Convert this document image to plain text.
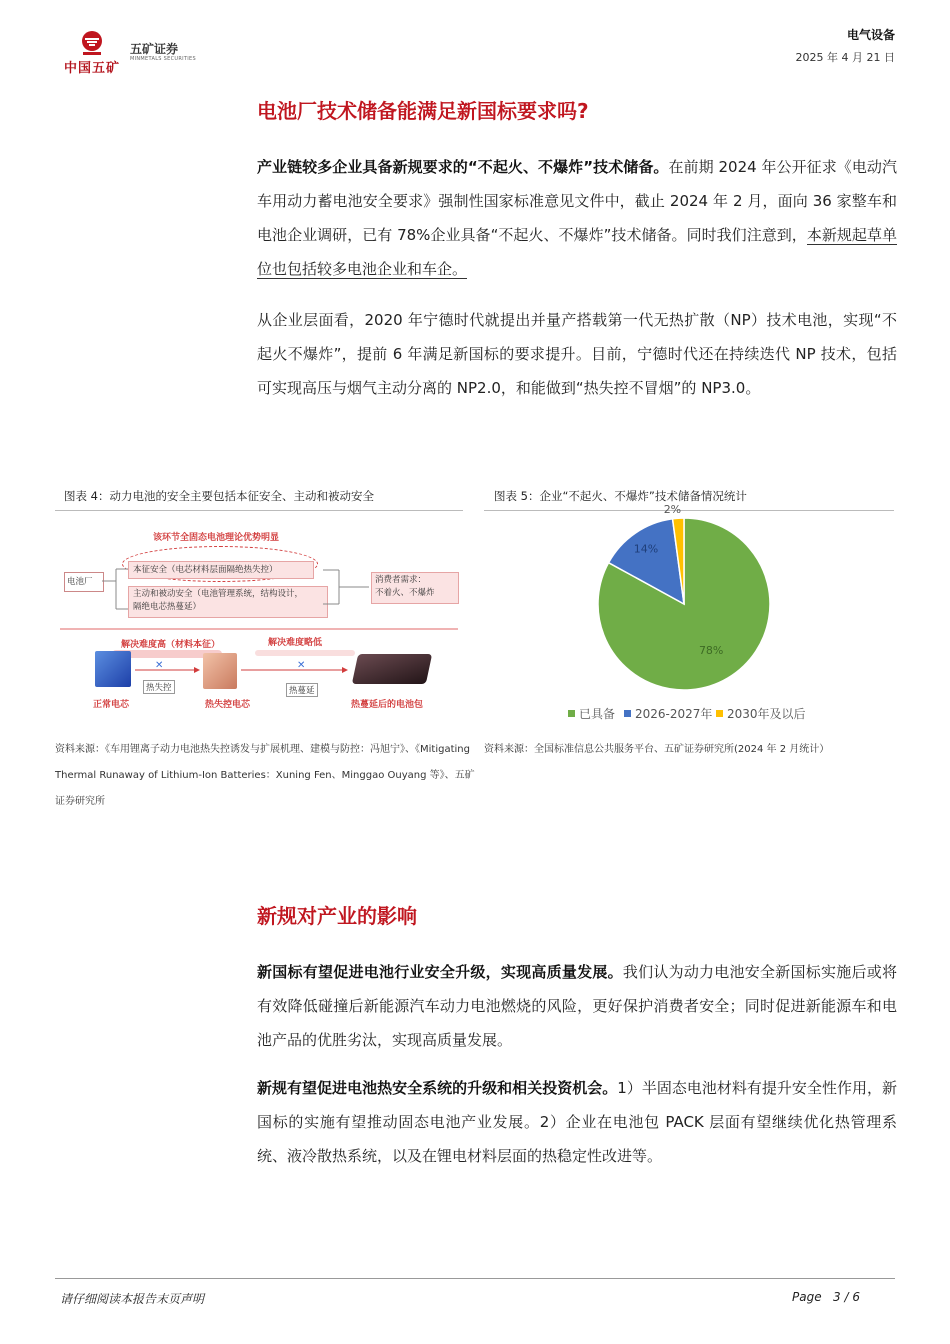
中国五矿
五矿证券
MINMETALS SECURITIES
电气设备
2025 年 4 月 21 日
电池厂技术储备能满足新国标要求吗?
产业链较多企业具备新规要求的“不起火、不爆炸”技术储备。在前期 2024 年公开征求《电动汽车用动力蓄电池安全要求》强制性国家标准意见文件中，截止 2024 年 2 月，面向 36 家整车和电池企业调研，已有 78%企业具备“不起火、不爆炸”技术储备。同时我们注意到，本新规起草单位也包括较多电池企业和车企。
从企业层面看，2020 年宁德时代就提出并量产搭载第一代无热扩散（NP）技术电池，实现“不起火不爆炸”，提前 6 年满足新国标的要求提升。目前，宁德时代还在持续迭代 NP 技术，包括可实现高压与烟气主动分离的 NP2.0，和能做到“热失控不冒烟”的 NP3.0。
图表 4：动力电池的安全主要包括本征安全、主动和被动安全
该环节全固态电池理论优势明显
电池厂
本征安全（电芯材料层面隔绝热失控）
主动和被动安全（电池管理系统，结构设计，
隔绝电芯热蔓延）
消费者需求：
不着火、不爆炸
解决难度高（材料本征）	解决难度略低
✕	✕
热失控	热蔓延
正常电芯	热失控电芯	热蔓延后的电池包
资料来源：《车用锂离子动力电池热失控诱发与扩展机理、建模与防控：冯旭宁》、《Mitigating Thermal Runaway of Lithium-Ion Batteries：Xuning Fen、Minggao Ouyang 等》、五矿证券研究所
图表 5：企业“不起火、不爆炸”技术储备情况统计
78%
14%
2%
已具备 2026-2027年 2030年及以后
资料来源：全国标准信息公共服务平台、五矿证券研究所(2024 年 2 月统计）
新规对产业的影响
新国标有望促进电池行业安全升级，实现高质量发展。我们认为动力电池安全新国标实施后或将有效降低碰撞后新能源汽车动力电池燃烧的风险，更好保护消费者安全；同时促进新能源车和电池产品的优胜劣汰，实现高质量发展。
新规有望促进电池热安全系统的升级和相关投资机会。1）半固态电池材料有提升安全性作用，新国标的实施有望推动固态电池产业发展。2）企业在电池包 PACK 层面有望继续优化热管理系统、液冷散热系统，以及在锂电材料层面的热稳定性改进等。
请仔细阅读本报告末页声明	Page 3 / 6
